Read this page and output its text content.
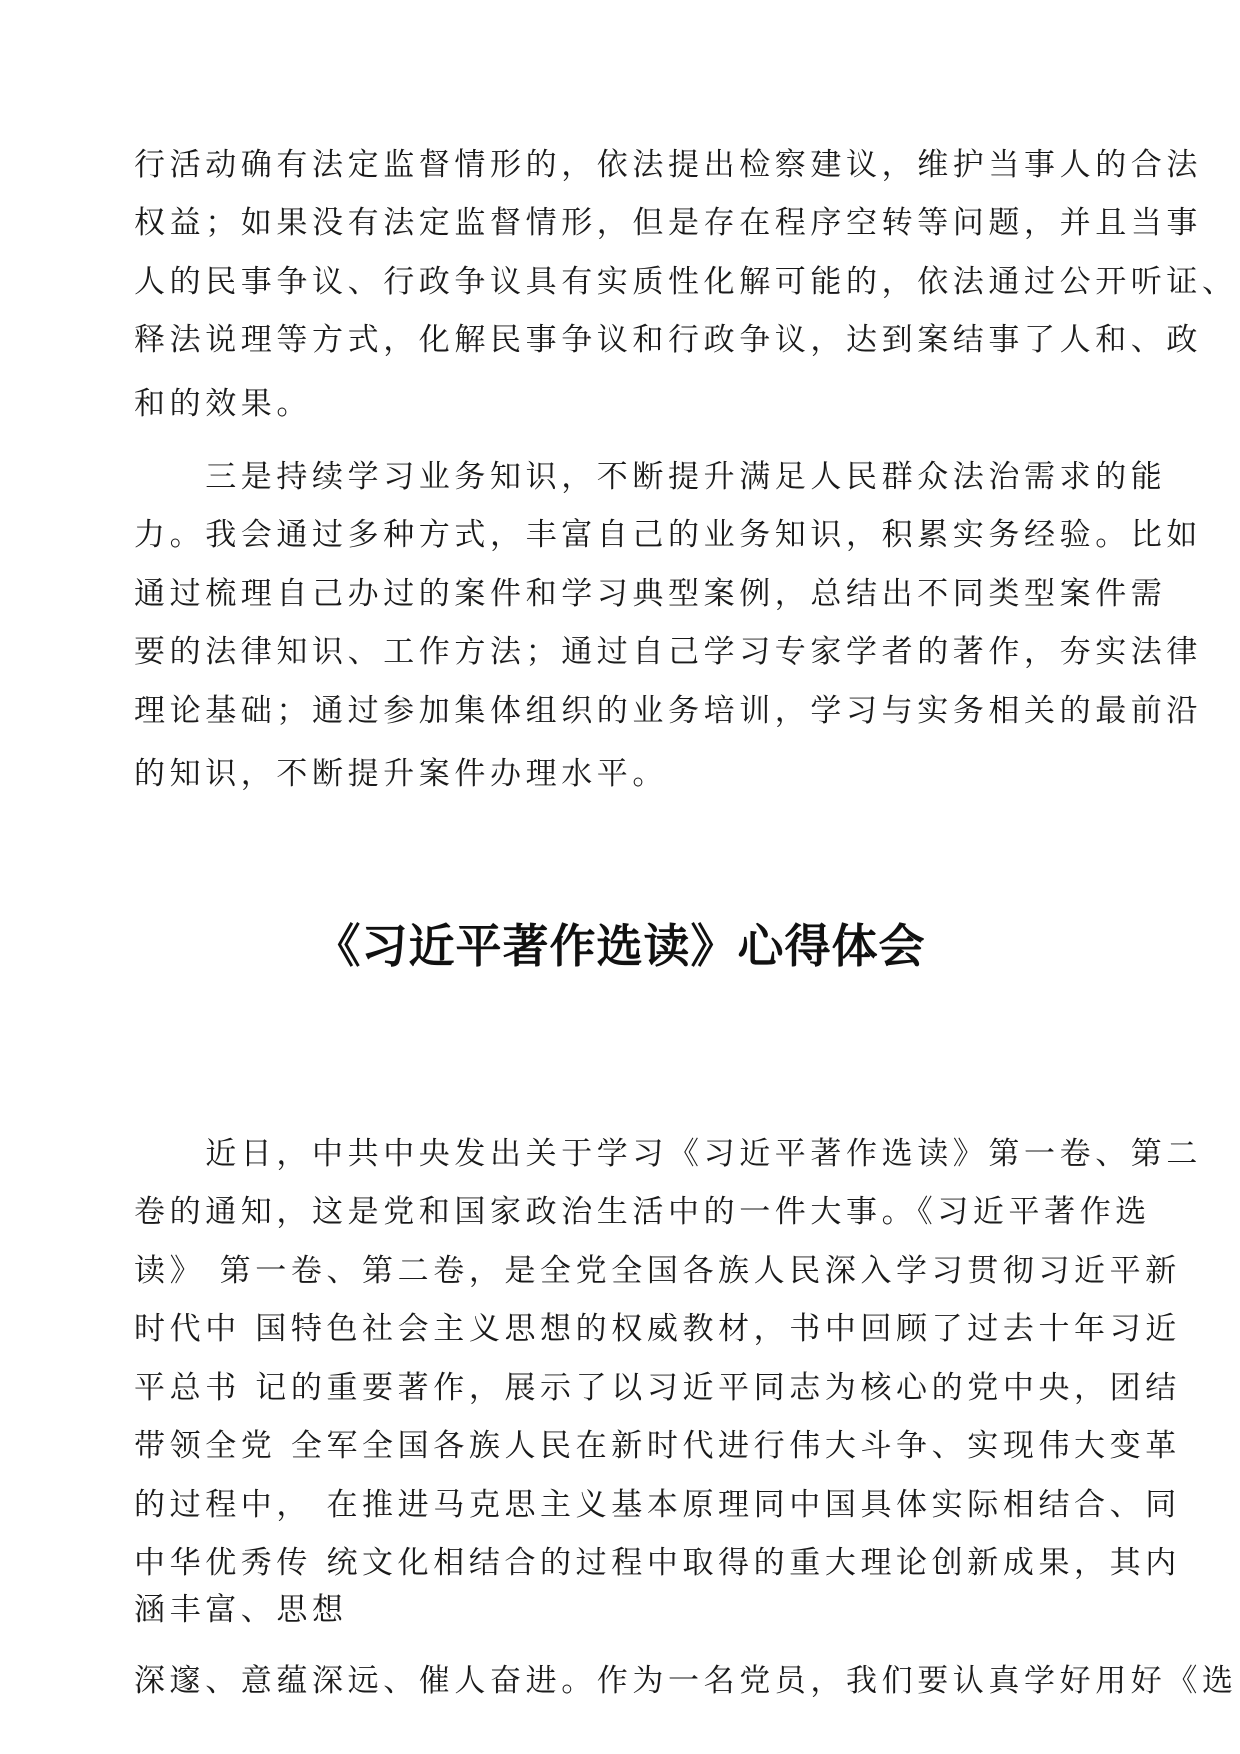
行活动确有法定监督情形的，依法提出检察建议，维护当事人的合法
权益；如果没有法定监督情形，但是存在程序空转等问题，并且当事
人的民事争议、行政争议具有实质性化解可能的，依法通过公开听证、
释法说理等方式，化解民事争议和行政争议，达到案结事了人和、政
和的效果。
　　三是持续学习业务知识，不断提升满足人民群众法治需求的能
力。我会通过多种方式，丰富自己的业务知识，积累实务经验。比如
通过梳理自己办过的案件和学习典型案例，总结出不同类型案件需
要的法律知识、工作方法；通过自己学习专家学者的著作，夯实法律
理论基础；通过参加集体组织的业务培训，学习与实务相关的最前沿
的知识，不断提升案件办理水平。
《习近平著作选读》心得体会
　　近日，中共中央发出关于学习《习近平著作选读》第一卷、第二
卷的通知，这是党和国家政治生活中的一件大事。《习近平著作选
读》 第一卷、第二卷，是全党全国各族人民深入学习贯彻习近平新
时代中 国特色社会主义思想的权威教材，书中回顾了过去十年习近
平总书 记的重要著作，展示了以习近平同志为核心的党中央，团结
带领全党 全军全国各族人民在新时代进行伟大斗争、实现伟大变革
的过程中， 在推进马克思主义基本原理同中国具体实际相结合、同
中华优秀传 统文化相结合的过程中取得的重大理论创新成果，其内
涵丰富、思想
深邃、意蕴深远、催人奋进。作为一名党员，我们要认真学好用好《选
